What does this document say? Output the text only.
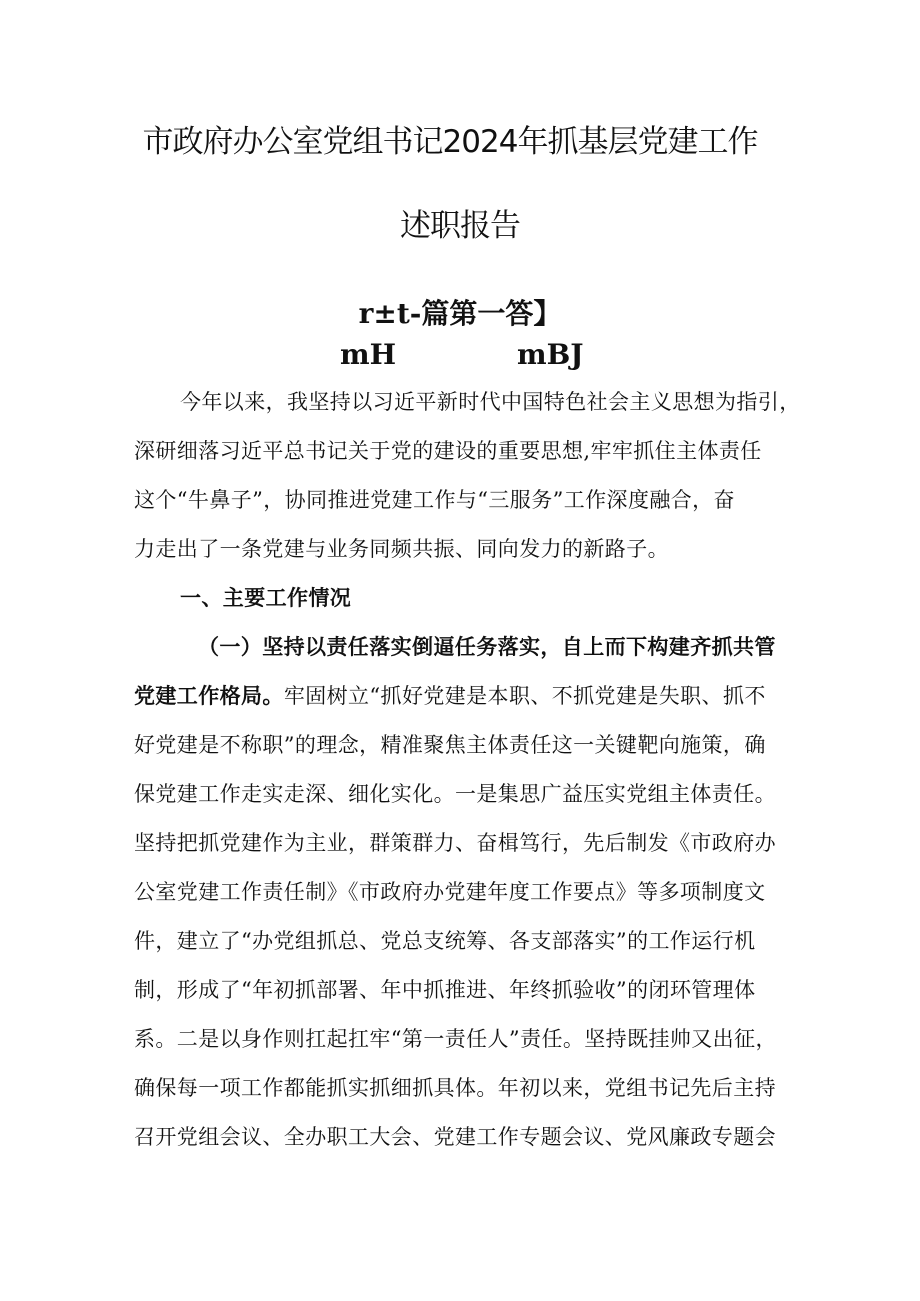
市政府办公室党组书记2024年抓基层党建工作
述职报告
r±t-篇第一答】
mH	mBJ
今年以来，我坚持以习近平新时代中国特色社会主义思想为指引，
深研细落习近平总书记关于党的建设的重要思想,牢牢抓住主体责任
这个“牛鼻子”，协同推进党建工作与“三服务”工作深度融合，奋
力走出了一条党建与业务同频共振、同向发力的新路子。
一、主要工作情况
（一）坚持以责任落实倒逼任务落实，自上而下构建齐抓共管
党建工作格局。牢固树立“抓好党建是本职、不抓党建是失职、抓不
好党建是不称职”的理念，精准聚焦主体责任这一关键靶向施策，确
保党建工作走实走深、细化实化。一是集思广益压实党组主体责任。
坚持把抓党建作为主业，群策群力、奋楫笃行，先后制发《市政府办
公室党建工作责任制》《市政府办党建年度工作要点》等多项制度文
件，建立了“办党组抓总、党总支统筹、各支部落实”的工作运行机
制，形成了“年初抓部署、年中抓推进、年终抓验收”的闭环管理体
系。二是以身作则扛起扛牢“第一责任人”责任。坚持既挂帅又出征，
确保每一项工作都能抓实抓细抓具体。年初以来，党组书记先后主持
召开党组会议、全办职工大会、党建工作专题会议、党风廉政专题会
